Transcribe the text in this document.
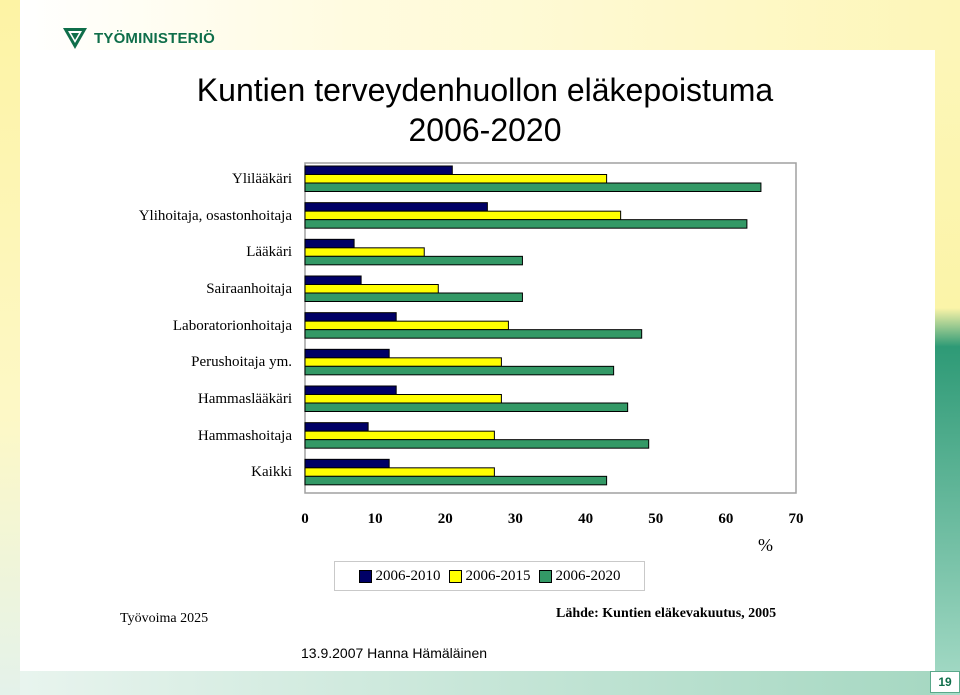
TYÖMINISTERIÖ
Kuntien terveydenhuollon eläkepoistuma
2006-2020
Ylilääkäri
Ylihoitaja, osastonhoitaja
Lääkäri
Sairaanhoitaja
Laboratorionhoitaja
Perushoitaja ym.
Hammaslääkäri
Hammashoitaja
Kaikki
0	10	20	30	40	50	60	70
%
2006-2010 2006-2015 2006-2020
Työvoima 2025	Lähde: Kuntien eläkevakuutus, 2005
13.9.2007 Hanna Hämäläinen
19
